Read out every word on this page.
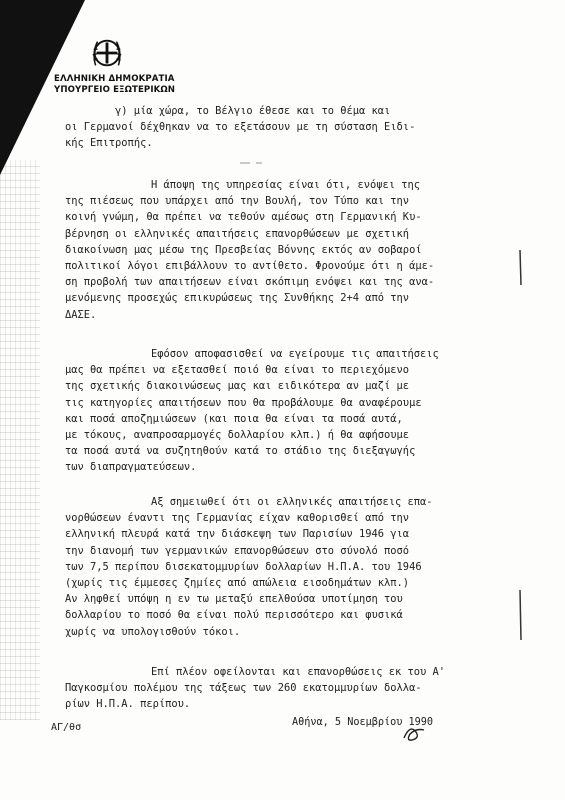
ΕΛΛΗΝΙΚΗ ΔΗΜΟΚΡΑΤΙΑ
ΥΠΟΥΡΓΕΙΟ ΕΞΩΤΕΡΙΚΩΝ

γ) μία χώρα, το Βέλγιο έθεσε και το θέμα και
οι Γερμανοί δέχθηκαν να το εξετάσουν με τη σύσταση Ειδι-
κής Επιτροπής.

Η άποψη της υπηρεσίας είναι ότι, ενόψει της
της πιέσεως που υπάρχει από την Βουλή, τον Τύπο και την
κοινή γνώμη, θα πρέπει να τεθούν αμέσως στη Γερμανική Κυ-
βέρνηση οι ελληνικές απαιτήσεις επανορθώσεων με σχετική
διακοίνωση μας μέσω της Πρεσβείας Βόννης εκτός αν σοβαροί
πολιτικοί λόγοι επιβάλλουν το αντίθετο. Φρονούμε ότι η άμε-
ση προβολή των απαιτήσεων είναι σκόπιμη ενόψει και της ανα-
μενόμενης προσεχώς επικυρώσεως της Συνθήκης 2+4 από την
ΔΑΣΕ.

Εφόσον αποφασισθεί να εγείρουμε τις απαιτήσεις
μας θα πρέπει να εξετασθεί ποιό θα είναι το περιεχόμενο
της σχετικής διακοινώσεως μας και ειδικότερα αν μαζί με
τις κατηγορίες απαιτήσεων που θα προβάλουμε θα αναφέρουμε
και ποσά αποζημιώσεων (και ποια θα είναι τα ποσά αυτά,
με τόκους, αναπροσαρμογές δολλαρίου κλπ.) ή θα αφήσουμε
τα ποσά αυτά να συζητηθούν κατά το στάδιο της διεξαγωγής
των διαπραγματεύσεων.

Αξ σημειωθεί ότι οι ελληνικές απαιτήσεις επα-
νορθώσεων έναντι της Γερμανίας είχαν καθορισθεί από την
ελληνική πλευρά κατά την διάσκεψη των Παρισίων 1946 για
την διανομή των γερμανικών επανορθώσεων στο σύνολό ποσό
των 7,5 περίπου δισεκατομμυρίων δολλαρίων Η.Π.Α. του 1946
(χωρίς τις έμμεσες ζημίες από απώλεια εισοδημάτων κλπ.)
Αν ληφθεί υπόψη η εν τω μεταξύ επελθούσα υποτίμηση του
δολλαρίου το ποσό θα είναι πολύ περισσότερο και φυσικά
χωρίς να υπολογισθούν τόκοι.

Επί πλέον οφείλονται και επανορθώσεις εκ του Α'
Παγκοσμίου πολέμου της τάξεως των 260 εκατομμυρίων δολλα-
ρίων Η.Π.Α. περίπου.

ΑΓ/θσ	Αθήνα, 5 Νοεμβρίου 1990
